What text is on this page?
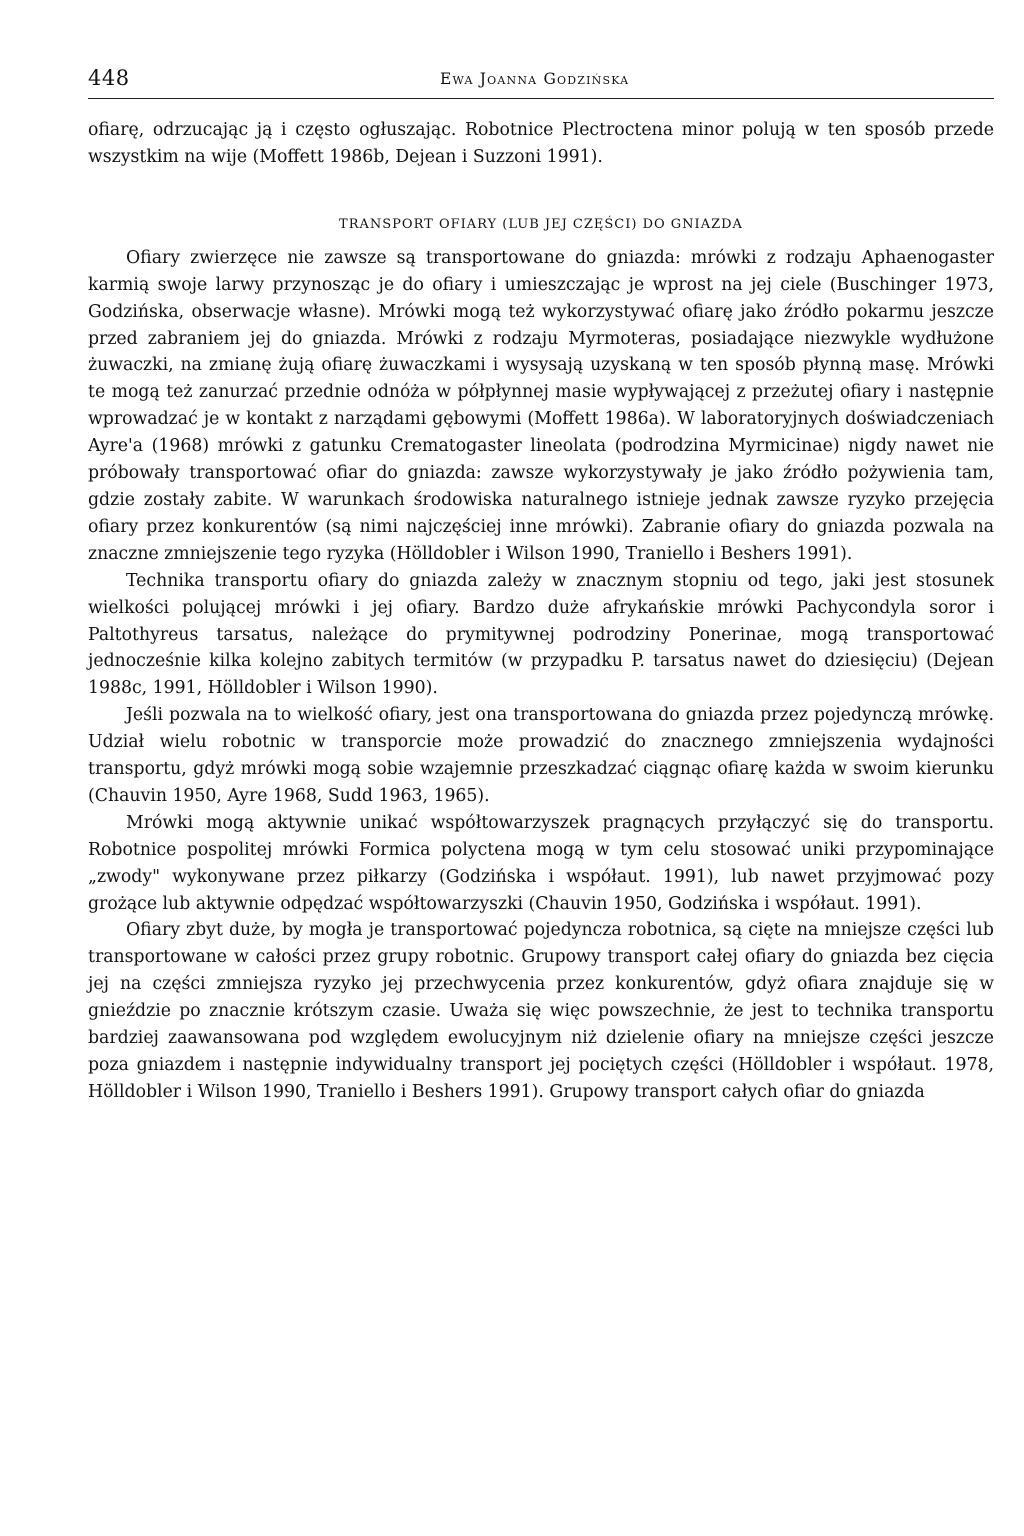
448	Ewa Joanna Godzińska

ofiarę, odrzucając ją i często ogłuszając. Robotnice Plectroctena minor polują w ten sposób przede wszystkim na wije (Moffett 1986b, Dejean i Suzzoni 1991).

TRANSPORT OFIARY (LUB JEJ CZĘŚCI) DO GNIAZDA

Ofiary zwierzęce nie zawsze są transportowane do gniazda: mrówki z rodzaju Aphaenogaster karmią swoje larwy przynosząc je do ofiary i umieszczając je wprost na jej ciele (Buschinger 1973, Godzińska, obserwacje własne). Mrówki mogą też wykorzystywać ofiarę jako źródło pokarmu jeszcze przed zabraniem jej do gniazda. Mrówki z rodzaju Myrmoteras, posiadające niezwykle wydłużone żuwaczki, na zmianę żują ofiarę żuwaczkami i wysysają uzyskaną w ten sposób płynną masę. Mrówki te mogą też zanurzać przednie odnóża w półpłynnej masie wypływającej z przeżutej ofiary i następnie wprowadzać je w kontakt z narządami gębowymi (Moffett 1986a). W laboratoryjnych doświadczeniach Ayre'a (1968) mrówki z gatunku Crematogaster lineolata (podrodzina Myrmicinae) nigdy nawet nie próbowały transportować ofiar do gniazda: zawsze wykorzystywały je jako źródło pożywienia tam, gdzie zostały zabite. W warunkach środowiska naturalnego istnieje jednak zawsze ryzyko przejęcia ofiary przez konkurentów (są nimi najczęściej inne mrówki). Zabranie ofiary do gniazda pozwala na znaczne zmniejszenie tego ryzyka (Hölldobler i Wilson 1990, Traniello i Beshers 1991).

Technika transportu ofiary do gniazda zależy w znacznym stopniu od tego, jaki jest stosunek wielkości polującej mrówki i jej ofiary. Bardzo duże afrykańskie mrówki Pachycondyla soror i Paltothyreus tarsatus, należące do prymitywnej podrodziny Ponerinae, mogą transportować jednocześnie kilka kolejno zabitych termitów (w przypadku P. tarsatus nawet do dziesięciu) (Dejean 1988c, 1991, Hölldobler i Wilson 1990).

Jeśli pozwala na to wielkość ofiary, jest ona transportowana do gniazda przez pojedynczą mrówkę. Udział wielu robotnic w transporcie może prowadzić do znacznego zmniejszenia wydajności transportu, gdyż mrówki mogą sobie wzajemnie przeszkadzać ciągnąc ofiarę każda w swoim kierunku (Chauvin 1950, Ayre 1968, Sudd 1963, 1965).

Mrówki mogą aktywnie unikać współtowarzyszek pragnących przyłączyć się do transportu. Robotnice pospolitej mrówki Formica polyctena mogą w tym celu stosować uniki przypominające „zwody" wykonywane przez piłkarzy (Godzińska i współaut. 1991), lub nawet przyjmować pozy grożące lub aktywnie odpędzać współtowarzyszki (Chauvin 1950, Godzińska i współaut. 1991).

Ofiary zbyt duże, by mogła je transportować pojedyncza robotnica, są cięte na mniejsze części lub transportowane w całości przez grupy robotnic. Grupowy transport całej ofiary do gniazda bez cięcia jej na części zmniejsza ryzyko jej przechwycenia przez konkurentów, gdyż ofiara znajduje się w gnieździe po znacznie krótszym czasie. Uważa się więc powszechnie, że jest to technika transportu bardziej zaawansowana pod względem ewolucyjnym niż dzielenie ofiary na mniejsze części jeszcze poza gniazdem i następnie indywidualny transport jej pociętych części (Hölldobler i współaut. 1978, Hölldobler i Wilson 1990, Traniello i Beshers 1991). Grupowy transport całych ofiar do gniazda
